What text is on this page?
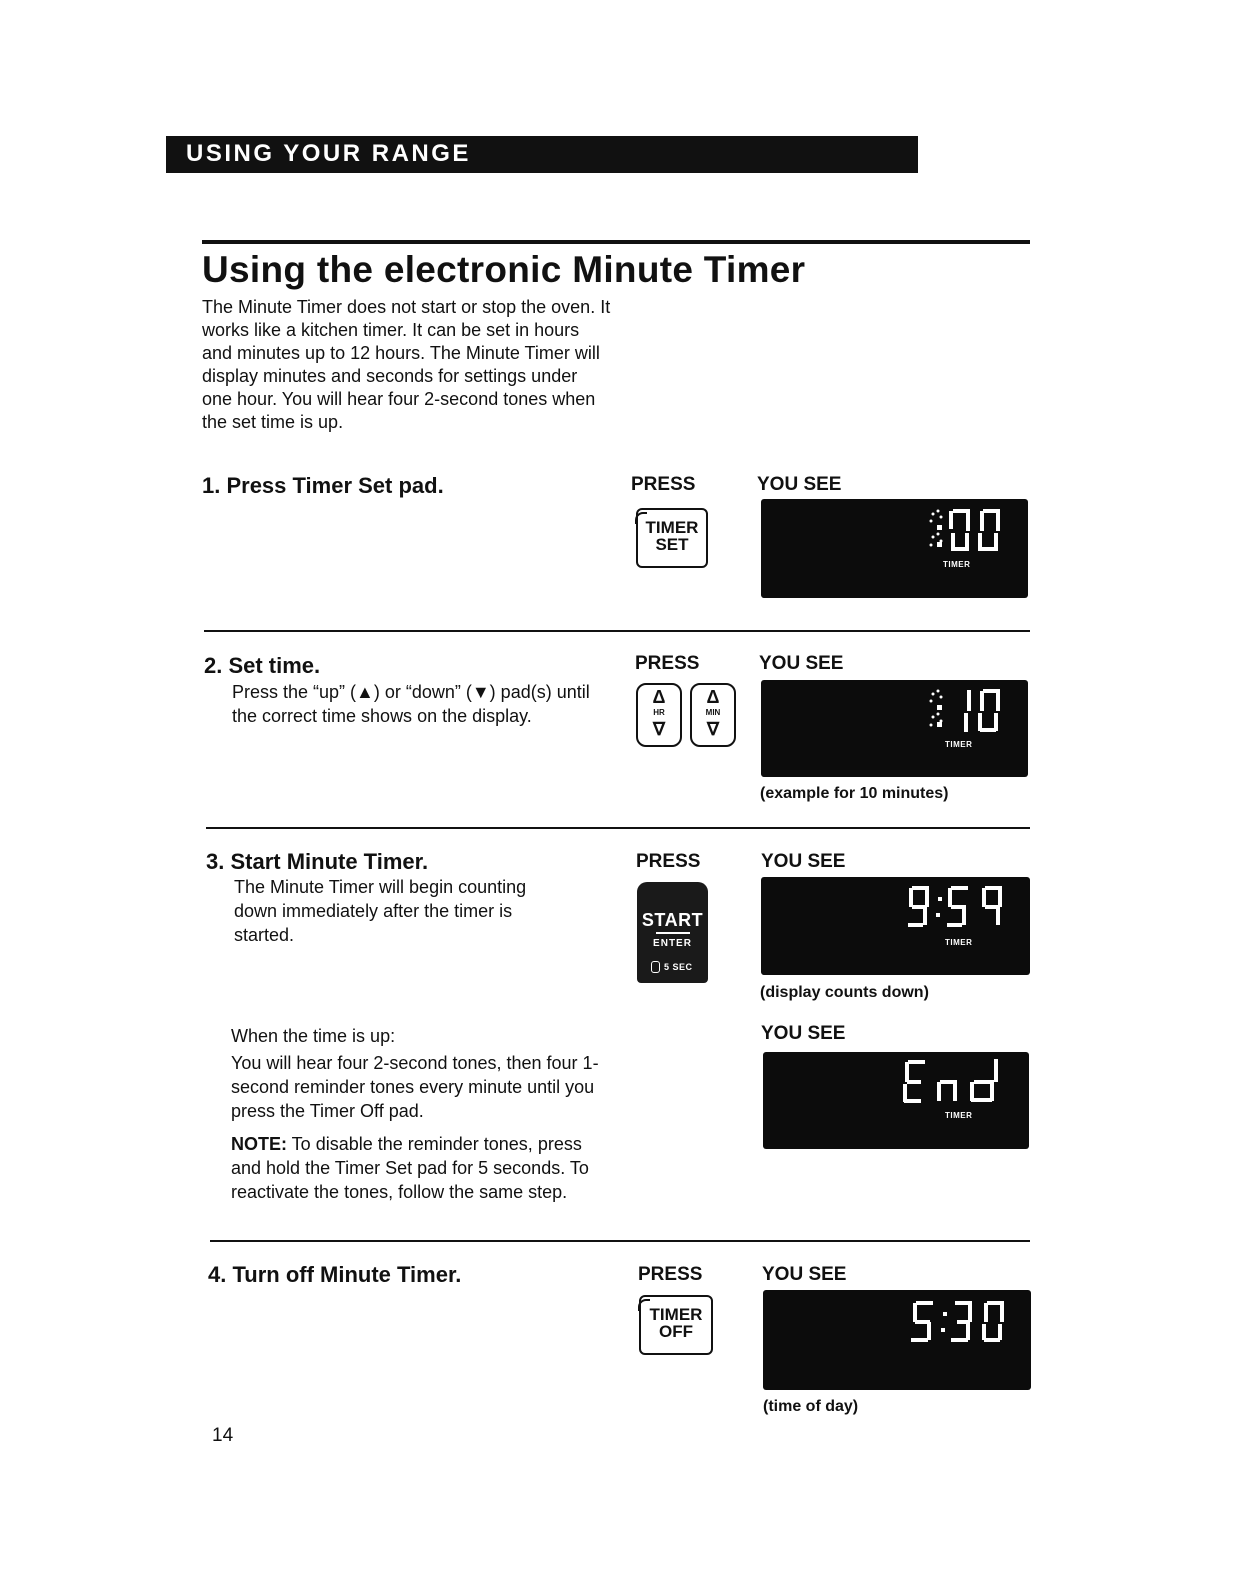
USING YOUR RANGE
Using the electronic Minute Timer
The Minute Timer does not start or stop the oven. It works like a kitchen timer. It can be set in hours and minutes up to 12 hours. The Minute Timer will display minutes and seconds for settings under one hour. You will hear four 2-second tones when the set time is up.
1. Press Timer Set pad.	PRESS	YOU SEE
TIMER
SET
TIMER
2. Set time.
Press the “up” (▲) or “down” (▼) pad(s) until the correct time shows on the display.
PRESS	YOU SEE
Δ
HR
∇
Δ
MIN
∇
TIMER
(example for 10 minutes)
3. Start Minute Timer.
The Minute Timer will begin counting down immediately after the timer is started.
PRESS	YOU SEE
START
ENTER
5 SEC
TIMER
(display counts down)
When the time is up:
You will hear four 2-second tones, then four 1-second reminder tones every minute until you press the Timer Off pad.
NOTE: To disable the reminder tones, press and hold the Timer Set pad for 5 seconds. To reactivate the tones, follow the same step.
YOU SEE
TIMER
4. Turn off Minute Timer.	PRESS	YOU SEE
TIMER
OFF
(time of day)
14
